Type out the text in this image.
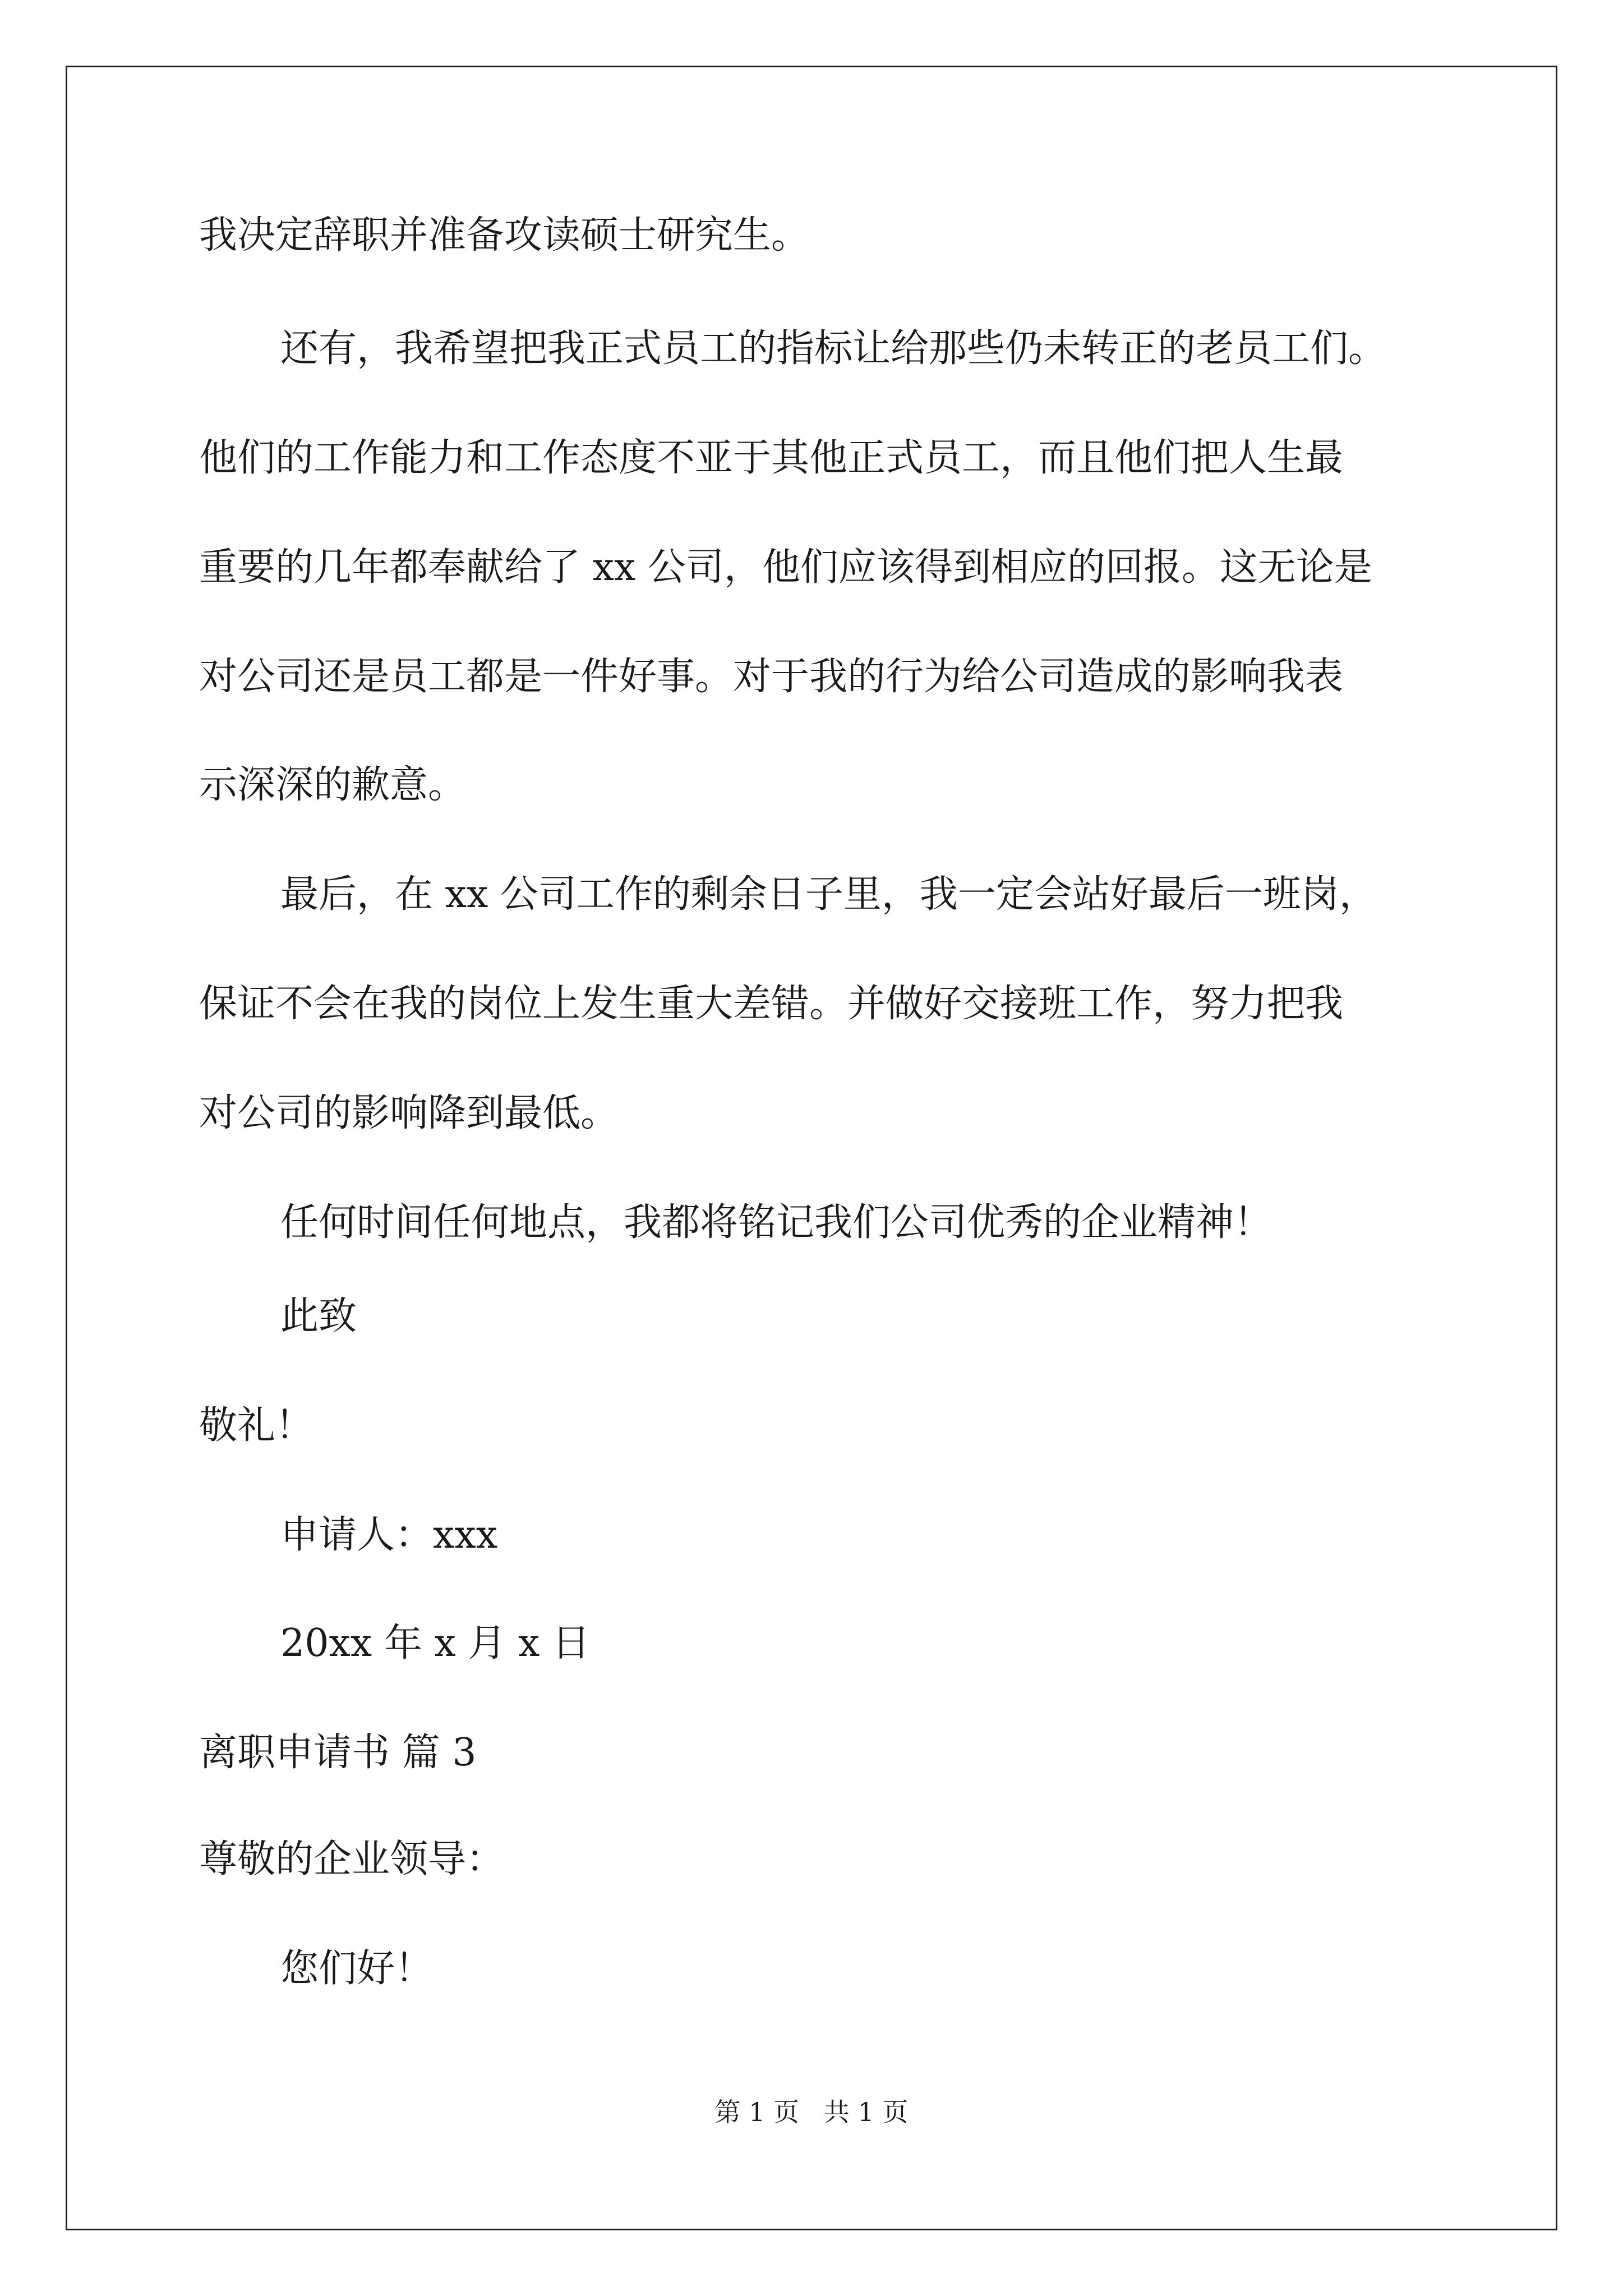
我决定辞职并准备攻读硕士研究生。

还有，我希望把我正式员工的指标让给那些仍未转正的老员工们。

他们的工作能力和工作态度不亚于其他正式员工，而且他们把人生最

重要的几年都奉献给了 xx 公司，他们应该得到相应的回报。这无论是

对公司还是员工都是一件好事。对于我的行为给公司造成的影响我表

示深深的歉意。

最后，在 xx 公司工作的剩余日子里，我一定会站好最后一班岗，

保证不会在我的岗位上发生重大差错。并做好交接班工作，努力把我

对公司的影响降到最低。

任何时间任何地点，我都将铭记我们公司优秀的企业精神！

此致

敬礼！

申请人：xxx

20xx 年 x 月 x 日

离职申请书 篇 3

尊敬的企业领导：

您们好！

第 1 页   共 1 页
